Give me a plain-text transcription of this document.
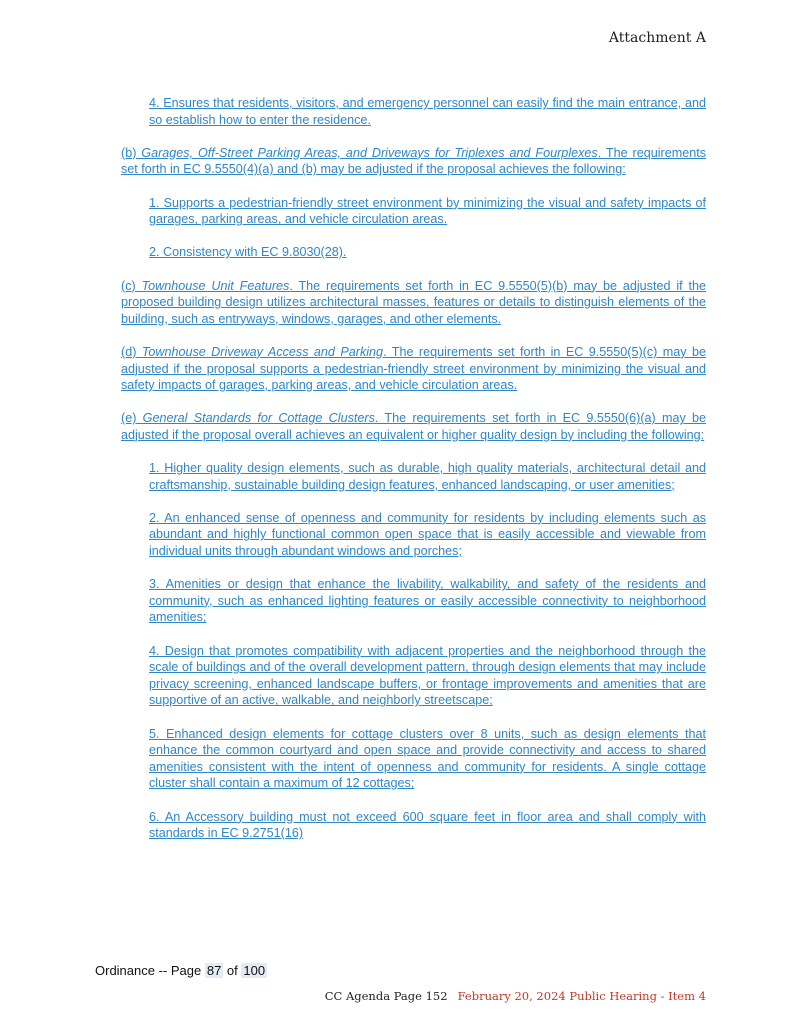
Attachment A

4. Ensures that residents, visitors, and emergency personnel can easily find the main entrance, and so establish how to enter the residence.

(b) Garages, Off-Street Parking Areas, and Driveways for Triplexes and Fourplexes. The requirements set forth in EC 9.5550(4)(a) and (b) may be adjusted if the proposal achieves the following:

1. Supports a pedestrian-friendly street environment by minimizing the visual and safety impacts of garages, parking areas, and vehicle circulation areas.

2. Consistency with EC 9.8030(28).

(c) Townhouse Unit Features. The requirements set forth in EC 9.5550(5)(b) may be adjusted if the proposed building design utilizes architectural masses, features or details to distinguish elements of the building, such as entryways, windows, garages, and other elements.

(d) Townhouse Driveway Access and Parking. The requirements set forth in EC 9.5550(5)(c) may be adjusted if the proposal supports a pedestrian-friendly street environment by minimizing the visual and safety impacts of garages, parking areas, and vehicle circulation areas.

(e) General Standards for Cottage Clusters. The requirements set forth in EC 9.5550(6)(a) may be adjusted if the proposal overall achieves an equivalent or higher quality design by including the following:

1. Higher quality design elements, such as durable, high quality materials, architectural detail and craftsmanship, sustainable building design features, enhanced landscaping, or user amenities;

2. An enhanced sense of openness and community for residents by including elements such as abundant and highly functional common open space that is easily accessible and viewable from individual units through abundant windows and porches;

3. Amenities or design that enhance the livability, walkability, and safety of the residents and community, such as enhanced lighting features or easily accessible connectivity to neighborhood amenities;

4. Design that promotes compatibility with adjacent properties and the neighborhood through the scale of buildings and of the overall development pattern, through design elements that may include privacy screening, enhanced landscape buffers, or frontage improvements and amenities that are supportive of an active, walkable, and neighborly streetscape;

5. Enhanced design elements for cottage clusters over 8 units, such as design elements that enhance the common courtyard and open space and provide connectivity and access to shared amenities consistent with the intent of openness and community for residents. A single cottage cluster shall contain a maximum of 12 cottages;

6. An Accessory building must not exceed 600 square feet in floor area and shall comply with standards in EC 9.2751(16)

Ordinance -- Page 87 of 100
CC Agenda Page 152 February 20, 2024 Public Hearing - Item 4
